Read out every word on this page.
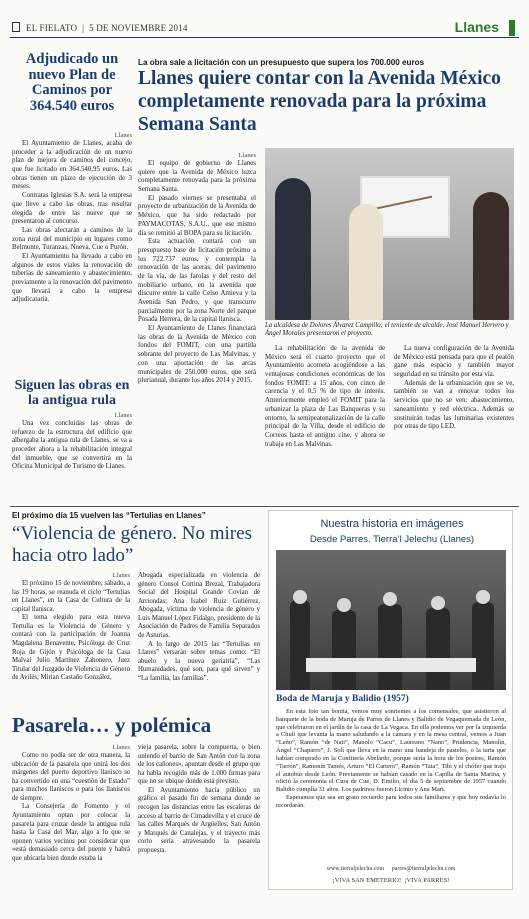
EL FIELATO  |  5 DE NOVIEMBRE 2014	Llanes
Adjudicado un nuevo Plan de Caminos por 364.540 euros
Llanes

El Ayuntamiento de Llanes, acaba de proceder a la adjudicación de un nuevo plan de mejora de caminos del concejo, que fue licitado en 364.540,95 euros. Las obras tienen un plazo de ejecución de 3 meses.

Contratas Iglesias S.A. será la empresa que lleve a cabo las obras, tras resultar elegida de entre las nueve que se presentaron al concurso.

Las obras afectarán a caminos de la zona rural del municipio en lugares como Belmonte, Turanzas, Nueva, Cue o Purón.

El Ayuntamiento ha llevado a cabo en algunos de estos viales la renovación de tuberías de saneamiento y abastecimiento, previamente a la renovación del pavimento que llevará a cabo la empresa adjudicataria.

Siguen las obras en la antigua rula
Llanes

Una vez concluidas las obras de refuerzo de la estructura del edificio que albergaba la antigua rula de Llanes, se va a proceder ahora a la rehabilitación integral del inmueble, que se convertirá en la Oficina Municipal de Turismo de Llanes.

La obra sale a licitación con un presupuesto que supera los 700.000 euros
Llanes quiere contar con la Avenida México completamente renovada para la próxima Semana Santa
Llanes

El equipo de gobierno de Llanes quiere que la Avenida de México luzca completamente renovada para la próxima Semana Santa.

El pasado viernes se presentaba el proyecto de urbanización de la Avenida de México, que ha sido redactado por PAYMACOTAS, S.A.U., que ese mismo día se remitió al BOPA para su licitación.

Esta actuación contará con un presupuesto base de licitación próximo a los 722.737 euros, y contempla la renovación de las aceras, del pavimento de la vía, de las farolas y del resto del mobiliario urbano, en la avenida que discurre entre la calle Celso Amieva y la Avenida San Pedro, y que transcurre parcialmente por la zona Norte del parque Posada Herrera, de la capital llanisca.

El Ayuntamiento de Llanes financiará las obras de la Avenida de México con fondos del FOMIT, con una partida sobrante del proyecto de Las Malvinas, y con una aportación de las arcas municipales de 250.000 euros, que será plurianual, durante los años 2014 y 2015.

La alcaldesa de Dolores Álvarez Campillo; el teniente de alcalde, José Manuel Herrero y Ángel Morales presentaron el proyecto.

La rehabilitación de la avenida de México será el cuarto proyecto que el Ayuntamiento acometa acogiéndose a las ventajosas condiciones económicas de los fondos FOMIT: a 15 años, con cinco de carencia y el 0,5 % de tipo de interés. Anteriormente empleó el FOMIT para la urbanizar la plaza de Las Banqueras y su entorno, la semipeatonalización de la calle principal de la Villa, desde el edificio de Correos hasta el antiguo cine, y ahora se trabaja en Las Malvinas.

La nueva configuración de la Avenida de México está pensada para que el peatón gane más espacio y también mayor seguridad en su tránsito por esta vía.

Además de la urbanización que se ve, también se van a renovar todos los servicios que no se ven: abastecimiento, saneamiento y red eléctrica. Además se sustituirán todas las luminarias existentes por otras de tipo LED.

El próximo día 15 vuelven las “Tertulias en Llanes”
“Violencia de género. No mires hacia otro lado”
Llanes

El próximo 15 de noviembre, sábado, a las 19 horas, se reanuda el ciclo “Tertulias en Llanes”, en la Casa de Cultura de la capital llanisca.

El tema elegido para esta nueva Tertulia es la Violencia de Género y contará con la participación de Joanna Magdalena Benavente, Psicóloga de Cruz Roja de Gijón y Psicóloga de la Casa Malvaí Julio Martínez Zahonero, Juez Titular del Juzgado de Violencia de Género de Avilés; Mirian Castaño González,

Abogada especializada en violencia de género Consol Cortina Brezal, Trabajadora Social del Hospital Grande Covian de Arriondas; Ana Isabel Ruiz Gutiérrez, Abogada, víctima de violencia de género y Luis Manuel López Fidalgo, presidente de la Asociación de Padres de Familia Separados de Asturias.

A lo largo de 2015 las “Tertulias en Llanes” versarán sobre temas como: “El abuelo y la nueva geriatría”, “Las Humanidades, qué son, para qué sirven” y “La familia, las familias”.

Pasarela… y polémica
Llanes

Como no podía ser de otra manera, la ubicación de la pasarela que unirá los dos márgenes del puerto deportivo llanisco se ha convertido en una “cuestión de Estado” para muchos llaniscos o para los llaniscos de siempre.

La Consejería de Fomento y el Ayuntamiento optan por colocar la pasarela para cruzar desde la antigua rula hasta la Casa del Mar, algo a lo que se oponen varios vecinos por considerar que «está demasiado cerca del puente y habrá que ubicarla bien donde estaba la

vieja pasarela, sobre la compuerta, o bien uniendo el barrio de San Antón con la zona de los cañones», apuntan desde el grupo que ha habla recogido más de 1.000 firmas para que no se ubique donde está previsto.

El Ayuntamiento hacía público un gráfico el pasado fin de semana donde se recogen las distancias entre las escaleras de acceso al barrio de Cimadevilla y el cruce de las calles Marqués de Argüelles, San Antón y Marqués de Canalejas, y el trayecto más corto sería atravesando la pasarela propuesta.

Nuestra historia en imágenes
Desde Parres. Tierra’l Jelechu (Llanes)
Boda de Maruja y Balidio (1957)

En esta foto tan bonita, vemos muy sonrientes a los comensales, que asistieron al banquete de la boda de Maruja de Parres de Llanes y Balidio de Vegaquemada de León, que celebraron en el jardín de la casa de La Vegaca. En ella podemos ver por la izquierda a Chuli que levanta la mano saludando a la cámara y en la mesa central, vemos a Juan “Leño”, Ramón “de Nati”, Manolo “Cacu”, Laureano “Nano”, Prudencia, Manolín, Ángel “Chaparro”, J. Solí que lleva en la mano una bandeja de pasteles, o la tarta que habían comprado en la Confitería Abelardo, porque sería la hora de los postres, Ramón “Tarrón”, Ramonín Tamés, Arturo “El Cartero”, Ramón “Tata”, Tibi y el chófer que trajo el autobús desde León. Previamente se habían casado en la Capilla de Santa Marina, y ofició la ceremonia el Cura de Cue, D. Emilio, el día 5 de septiembre de 1957 cuando Balidio cumplía 31 años. Los padrinos fueron Licinio y Ana Mari.

Esperamos que sea un grato recuerdo para todos sus familiares y que hoy todavía lo recordarán.

www.tierraljelechu.com     parres@tierraljelechu.com
¡VIVA SAN EMETERIO!  ¡VIVA PARRES!
